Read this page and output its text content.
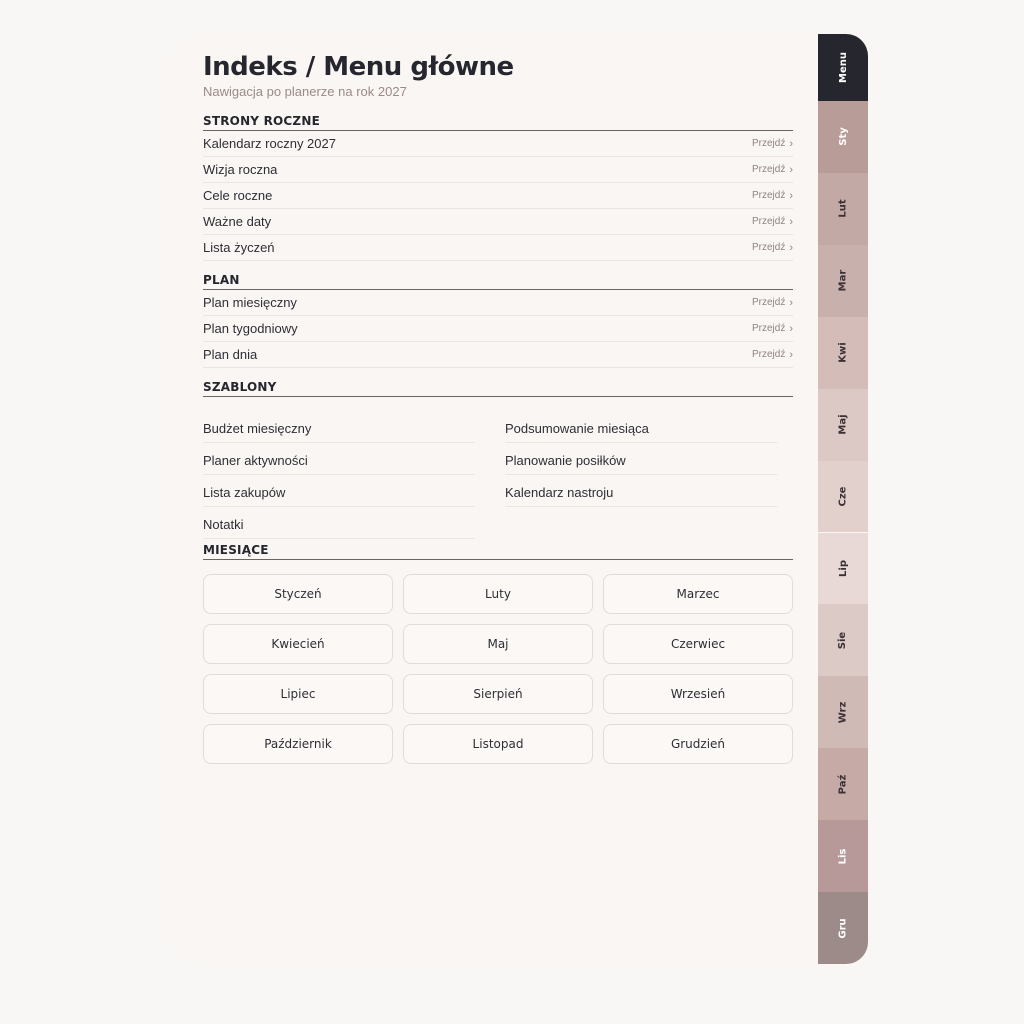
Indeks / Menu główne
Nawigacja po planerze na rok 2027
STRONY ROCZNE
Kalendarz roczny 2027	Przejdź ›
Wizja roczna	Przejdź ›
Cele roczne	Przejdź ›
Ważne daty	Przejdź ›
Lista życzeń	Przejdź ›
PLAN
Plan miesięczny	Przejdź ›
Plan tygodniowy	Przejdź ›
Plan dnia	Przejdź ›
SZABLONY
Budżet miesięczny	Podsumowanie miesiąca
Planer aktywności	Planowanie posiłków
Lista zakupów	Kalendarz nastroju
Notatki
MIESIĄCE
Styczeń	Luty	Marzec
Kwiecień	Maj	Czerwiec
Lipiec	Sierpień	Wrzesień
Październik	Listopad	Grudzień
Menu
Sty
Lut
Mar
Kwi
Maj
Cze
Lip
Sie
Wrz
Paź
Lis
Gru
